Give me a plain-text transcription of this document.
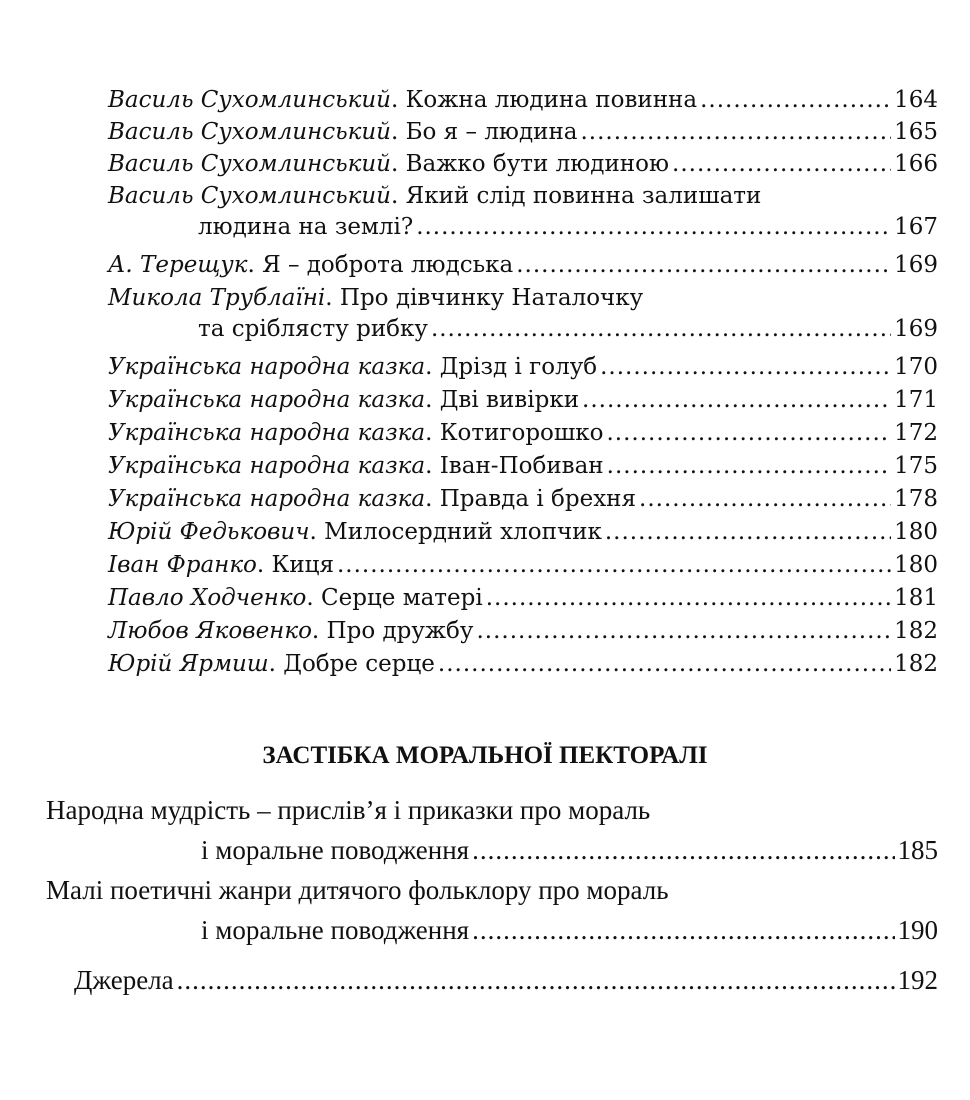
Василь Сухомлинський . Кожна людина повинна .....	164
Василь Сухомлинський . Бо я – людина .....	165
Василь Сухомлинський . Важко бути людиною .....	166
Василь Сухомлинський . Який слід повинна залишати
людина на землі? .....	167
А. Терещук . Я – доброта людська .....	169
Микола Трублаїні . Про дівчинку Наталочку
та сріблясту рибку .....	169
Українська народна казка . Дрізд і голуб .....	170
Українська народна казка . Дві вивірки .....	171
Українська народна казка . Котигорошко .....	172
Українська народна казка . Іван-Побиван .....	175
Українська народна казка . Правда і брехня .....	178
Юрій Федькович . Милосердний хлопчик .....	180
Іван Франко . Киця .....	180
Павло Ходченко . Серце матері .....	181
Любов Яковенко . Про дружбу .....	182
Юрій Ярмиш . Добре серце .....	182
ЗАСТІБКА МОРАЛЬНОЇ ПЕКТОРАЛІ
Народна мудрість – прислів’я і приказки про мораль
і моральне поводження .....	185
Малі поетичні жанри дитячого фольклору про мораль
і моральне поводження .....	190
Джерела .....	192
